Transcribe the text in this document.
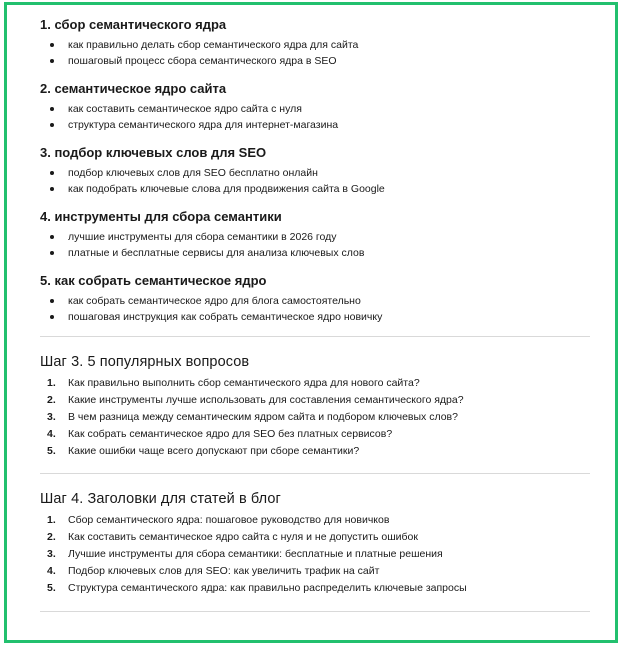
1. сбор семантического ядра
как правильно делать сбор семантического ядра для сайта
пошаговый процесс сбора семантического ядра в SEO
2. семантическое ядро сайта
как составить семантическое ядро сайта с нуля
структура семантического ядра для интернет-магазина
3. подбор ключевых слов для SEO
подбор ключевых слов для SEO бесплатно онлайн
как подобрать ключевые слова для продвижения сайта в Google
4. инструменты для сбора семантики
лучшие инструменты для сбора семантики в 2026 году
платные и бесплатные сервисы для анализа ключевых слов
5. как собрать семантическое ядро
как собрать семантическое ядро для блога самостоятельно
пошаговая инструкция как собрать семантическое ядро новичку
Шаг 3. 5 популярных вопросов
1. Как правильно выполнить сбор семантического ядра для нового сайта?
2. Какие инструменты лучше использовать для составления семантического ядра?
3. В чем разница между семантическим ядром сайта и подбором ключевых слов?
4. Как собрать семантическое ядро для SEO без платных сервисов?
5. Какие ошибки чаще всего допускают при сборе семантики?
Шаг 4. Заголовки для статей в блог
1. Сбор семантического ядра: пошаговое руководство для новичков
2. Как составить семантическое ядро сайта с нуля и не допустить ошибок
3. Лучшие инструменты для сбора семантики: бесплатные и платные решения
4. Подбор ключевых слов для SEO: как увеличить трафик на сайт
5. Структура семантического ядра: как правильно распределить ключевые запросы
